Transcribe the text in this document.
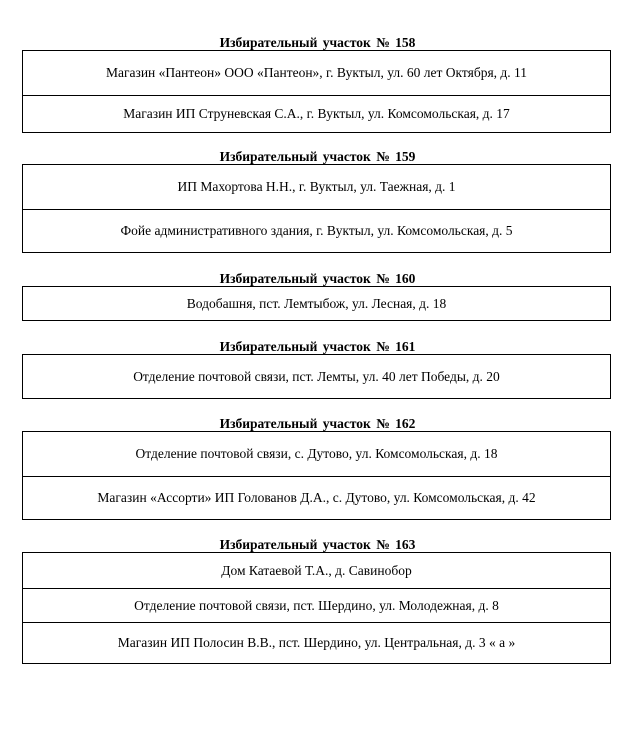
Избирательный участок № 158
Магазин «Пантеон» ООО «Пантеон», г. Вуктыл, ул. 60 лет Октября, д. 11
Магазин ИП Струневская С.А., г. Вуктыл, ул. Комсомольская, д. 17
Избирательный участок № 159
ИП Махортова Н.Н., г. Вуктыл, ул. Таежная, д. 1
Фойе административного здания, г. Вуктыл, ул. Комсомольская, д. 5
Избирательный участок № 160
Водобашня, пст. Лемтыбож, ул. Лесная, д. 18
Избирательный участок № 161
Отделение почтовой связи, пст. Лемты, ул. 40 лет Победы, д. 20
Избирательный участок № 162
Отделение почтовой связи, с. Дутово, ул. Комсомольская, д. 18
Магазин «Ассорти» ИП Голованов Д.А., с. Дутово, ул. Комсомольская, д. 42
Избирательный участок № 163
Дом Катаевой Т.А., д. Савинобор
Отделение почтовой связи, пст. Шердино, ул. Молодежная, д. 8
Магазин ИП Полосин В.В., пст. Шердино, ул. Центральная, д. 3 « а »
